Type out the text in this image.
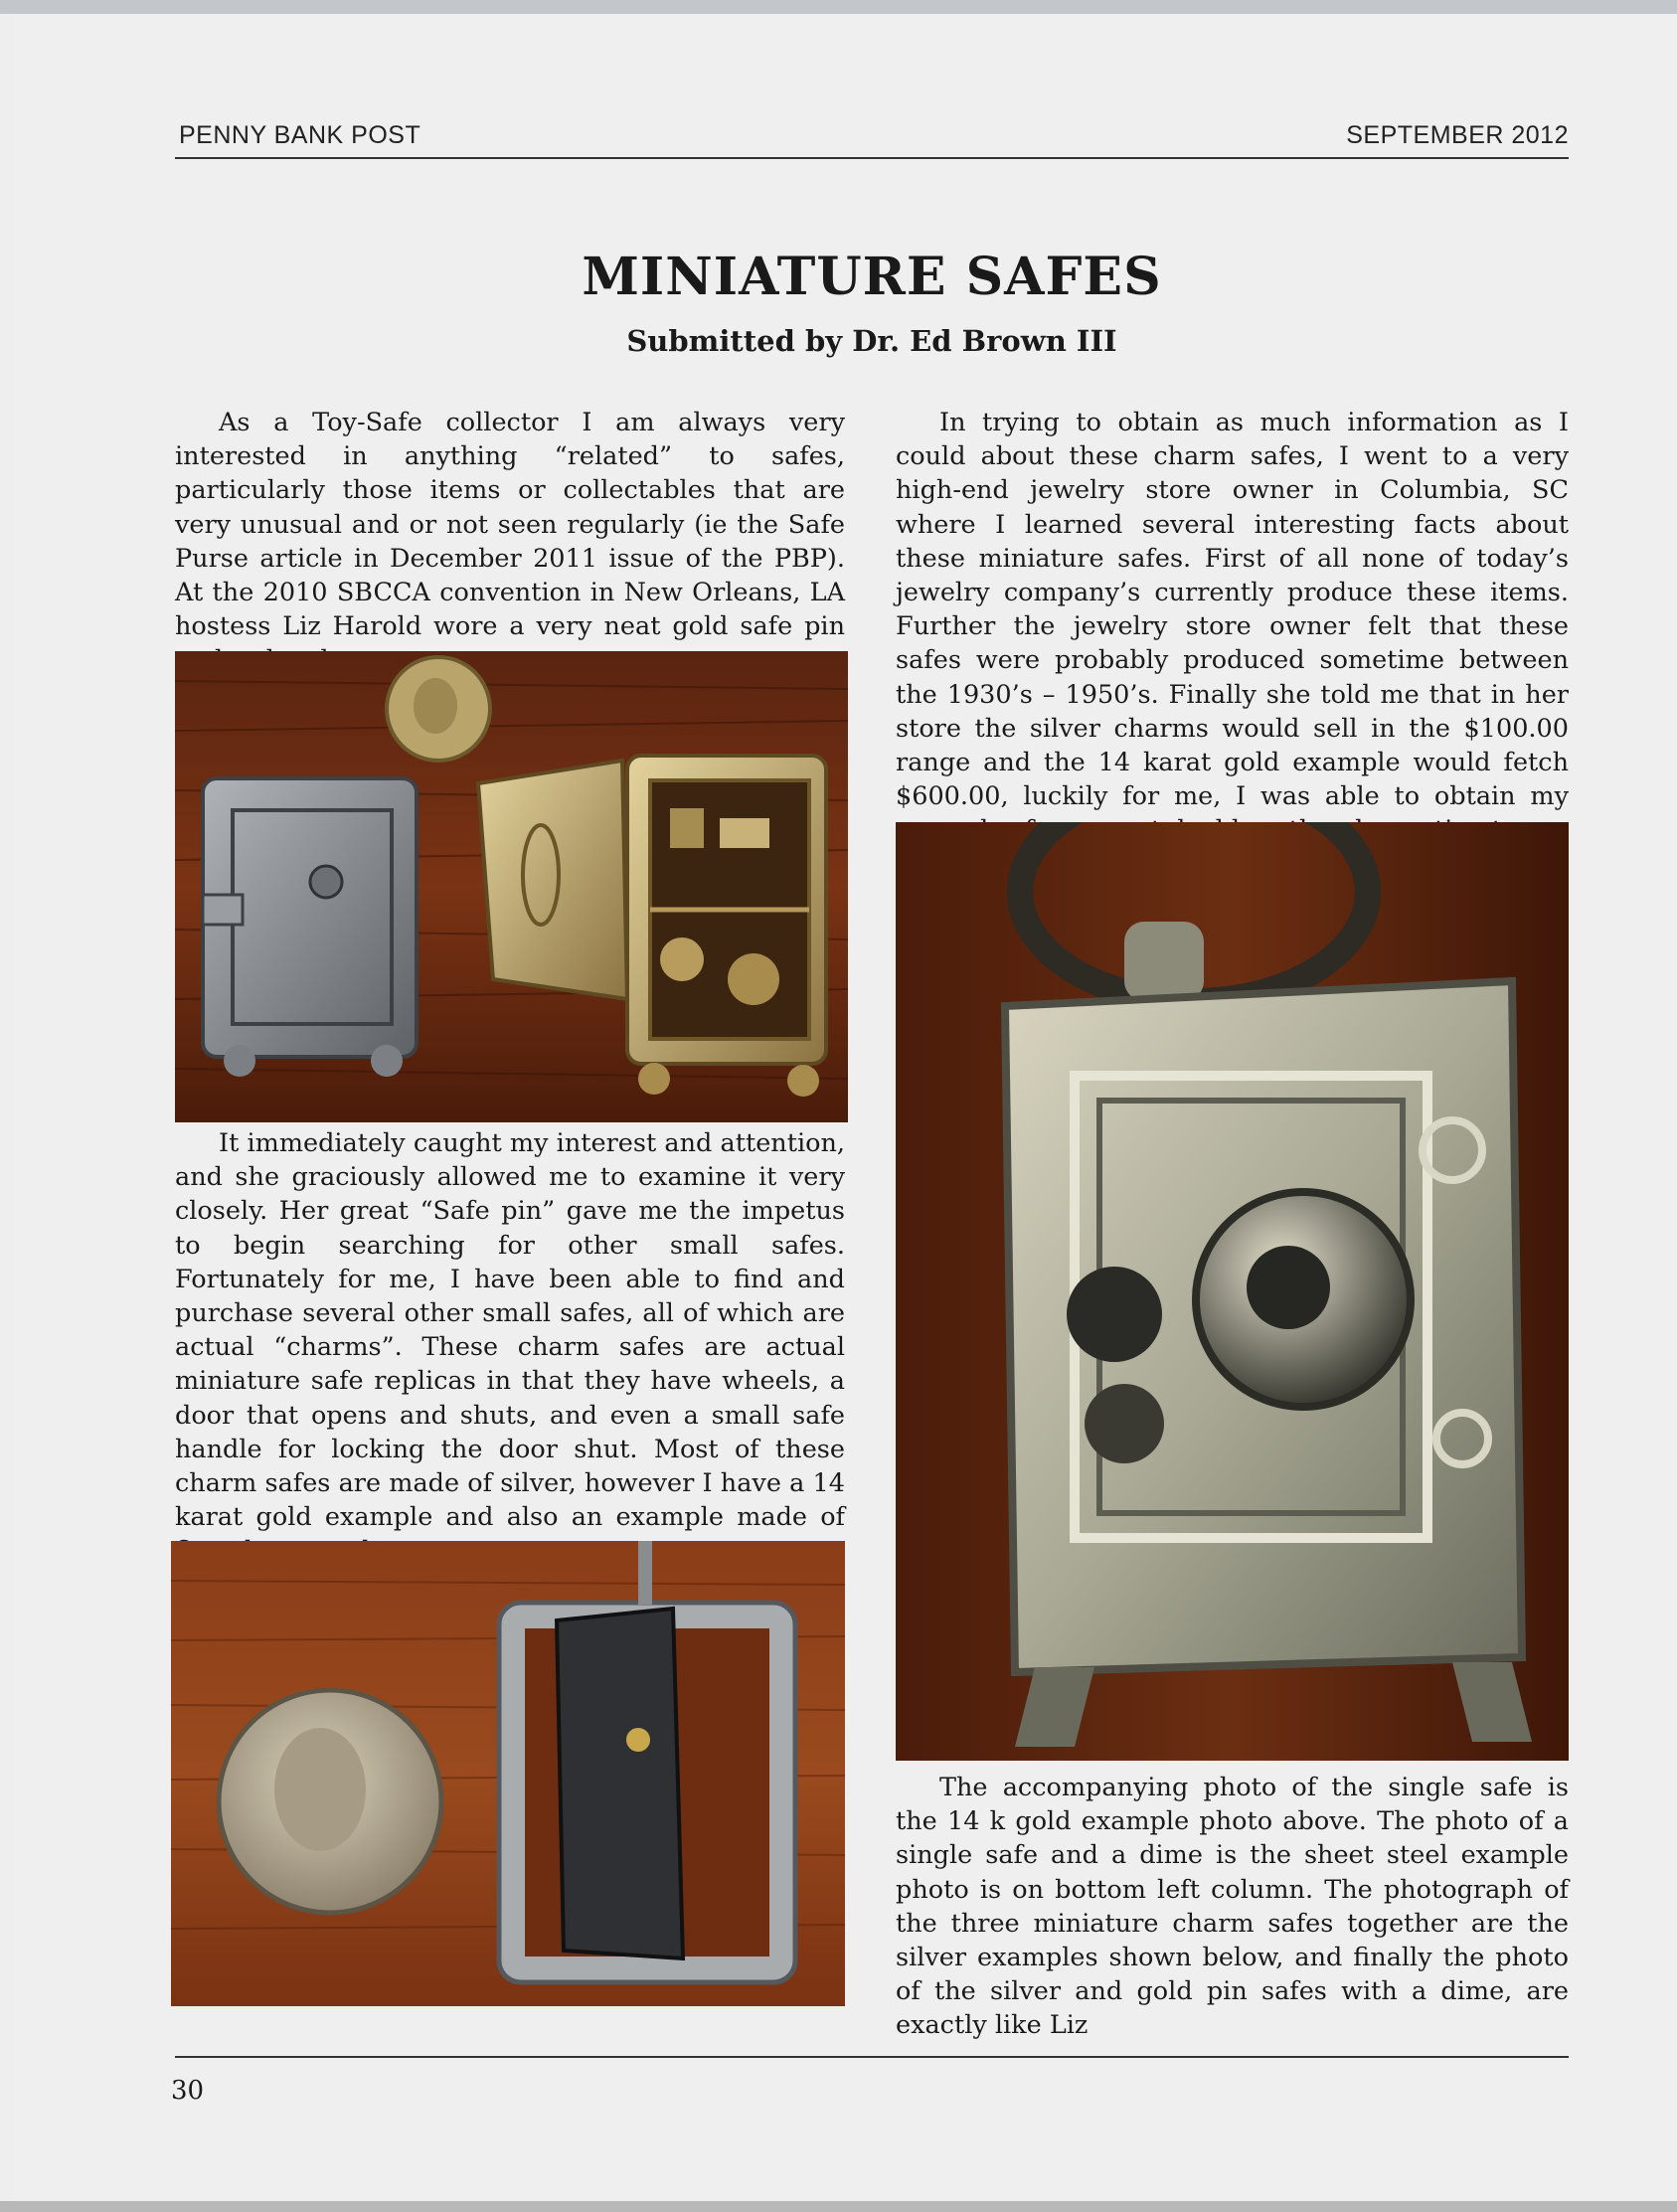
PENNY BANK POST	SEPTEMBER 2012
MINIATURE SAFES
Submitted by Dr. Ed Brown III

As a Toy-Safe collector I am always very interested in anything “related” to safes, particularly those items or collectables that are very unusual and or not seen regularly (ie the Safe Purse article in December 2011 issue of the PBP). At the 2010 SBCCA convention in New Orleans, LA hostess Liz Harold wore a very neat gold safe pin

It immediately caught my interest and attention, and she graciously allowed me to examine it very closely. Her great “Safe pin” gave me the impetus to begin searching for other small safes. Fortunately for me, I have been able to find and purchase several other small safes, all of which are actual “charms”. These charm safes are actual miniature safe replicas in that they have wheels, a door that opens and shuts, and even a small safe handle for locking the door shut. Most of these charm safes are made of silver, however I have a 14 karat gold example and also an example made of

In trying to obtain as much information as I could about these charm safes, I went to a very high-end jewelry store owner in Columbia, SC where I learned several interesting facts about these miniature safes. First of all none of today’s jewelry company’s currently produce these items. Further the jewelry store owner felt that these safes were probably produced sometime between the 1930’s – 1950’s. Finally she told me that in her store the silver charms would sell in the $100.00 range and the 14 karat gold example would fetch $600.00, luckily for me, I was able to obtain my

The accompanying photo of the single safe is the 14 k gold example photo above. The photo of a single safe and a dime is the sheet steel example photo is on bottom left column. The photograph of the three miniature charm safes together are the silver examples shown below, and finally the photo of the silver and gold pin safes with a dime, are exactly like Liz

30
